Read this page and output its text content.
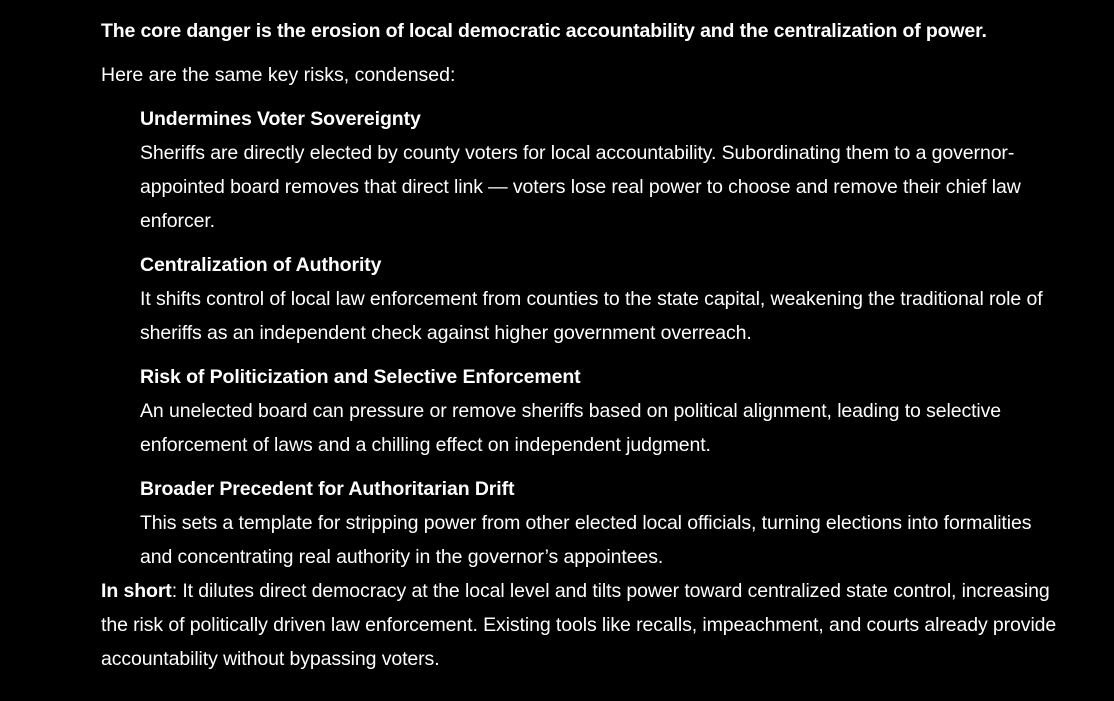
The core danger is the erosion of local democratic accountability and the centralization of power.

Here are the same key risks, condensed:

Undermines Voter Sovereignty
Sheriffs are directly elected by county voters for local accountability. Subordinating them to a governor-appointed board removes that direct link — voters lose real power to choose and remove their chief law enforcer.
Centralization of Authority
It shifts control of local law enforcement from counties to the state capital, weakening the traditional role of sheriffs as an independent check against higher government overreach.
Risk of Politicization and Selective Enforcement
An unelected board can pressure or remove sheriffs based on political alignment, leading to selective enforcement of laws and a chilling effect on independent judgment.
Broader Precedent for Authoritarian Drift
This sets a template for stripping power from other elected local officials, turning elections into formalities and concentrating real authority in the governor’s appointees.

In short: It dilutes direct democracy at the local level and tilts power toward centralized state control, increasing the risk of politically driven law enforcement. Existing tools like recalls, impeachment, and courts already provide accountability without bypassing voters.
